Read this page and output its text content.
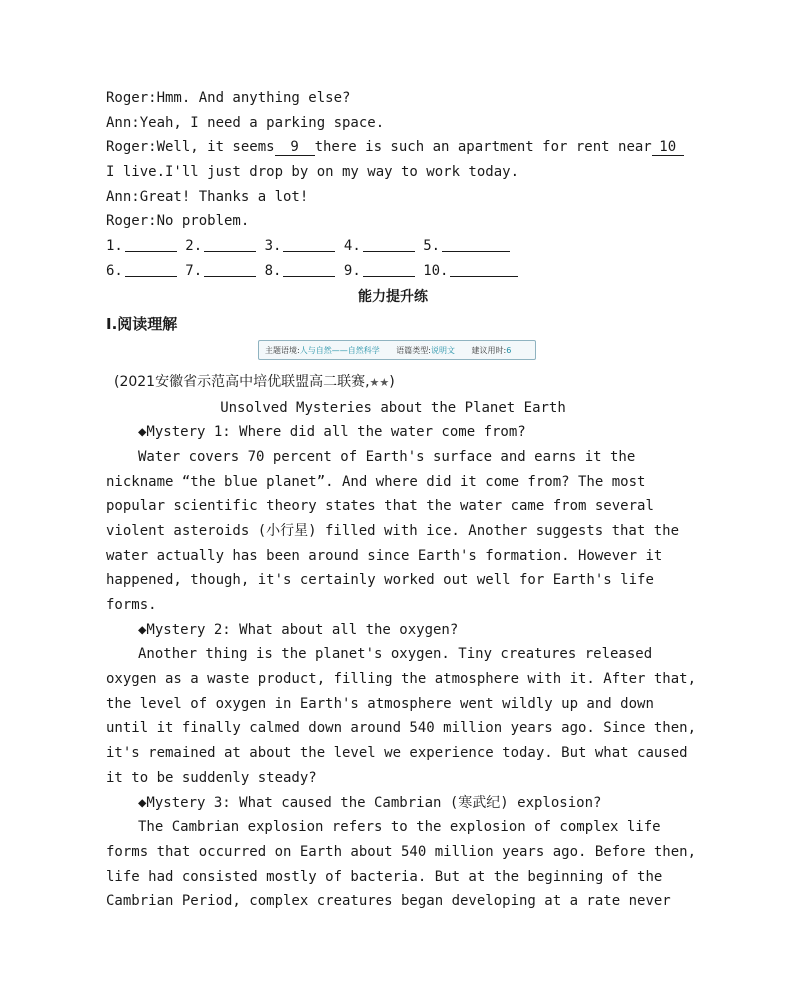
Roger:Hmm. And anything else?
Ann:Yeah, I need a parking space.
Roger:Well, it seems 9 there is such an apartment for rent near 10
I live.I'll just drop by on my way to work today.
Ann:Great! Thanks a lot!
Roger:No problem.
1.	2.	3.	4.	5.
6.	7.	8.	9.	10.
能力提升练
Ⅰ.阅读理解
主题语境:人与自然——自然科学 语篇类型:说明文 建议用时:6
(2021安徽省示范高中培优联盟高二联赛,★★)
Unsolved Mysteries about the Planet Earth
◆Mystery 1: Where did all the water come from?
Water covers 70 percent of Earth's surface and earns it the
nickname “the blue planet”. And where did it come from? The most
popular scientific theory states that the water came from several
violent asteroids (小行星) filled with ice. Another suggests that the
water actually has been around since Earth's formation. However it
happened, though, it's certainly worked out well for Earth's life
forms.
◆Mystery 2: What about all the oxygen?
Another thing is the planet's oxygen. Tiny creatures released
oxygen as a waste product, filling the atmosphere with it. After that,
the level of oxygen in Earth's atmosphere went wildly up and down
until it finally calmed down around 540 million years ago. Since then,
it's remained at about the level we experience today. But what caused
it to be suddenly steady?
◆Mystery 3: What caused the Cambrian (寒武纪) explosion?
The Cambrian explosion refers to the explosion of complex life
forms that occurred on Earth about 540 million years ago. Before then,
life had consisted mostly of bacteria. But at the beginning of the
Cambrian Period, complex creatures began developing at a rate never
